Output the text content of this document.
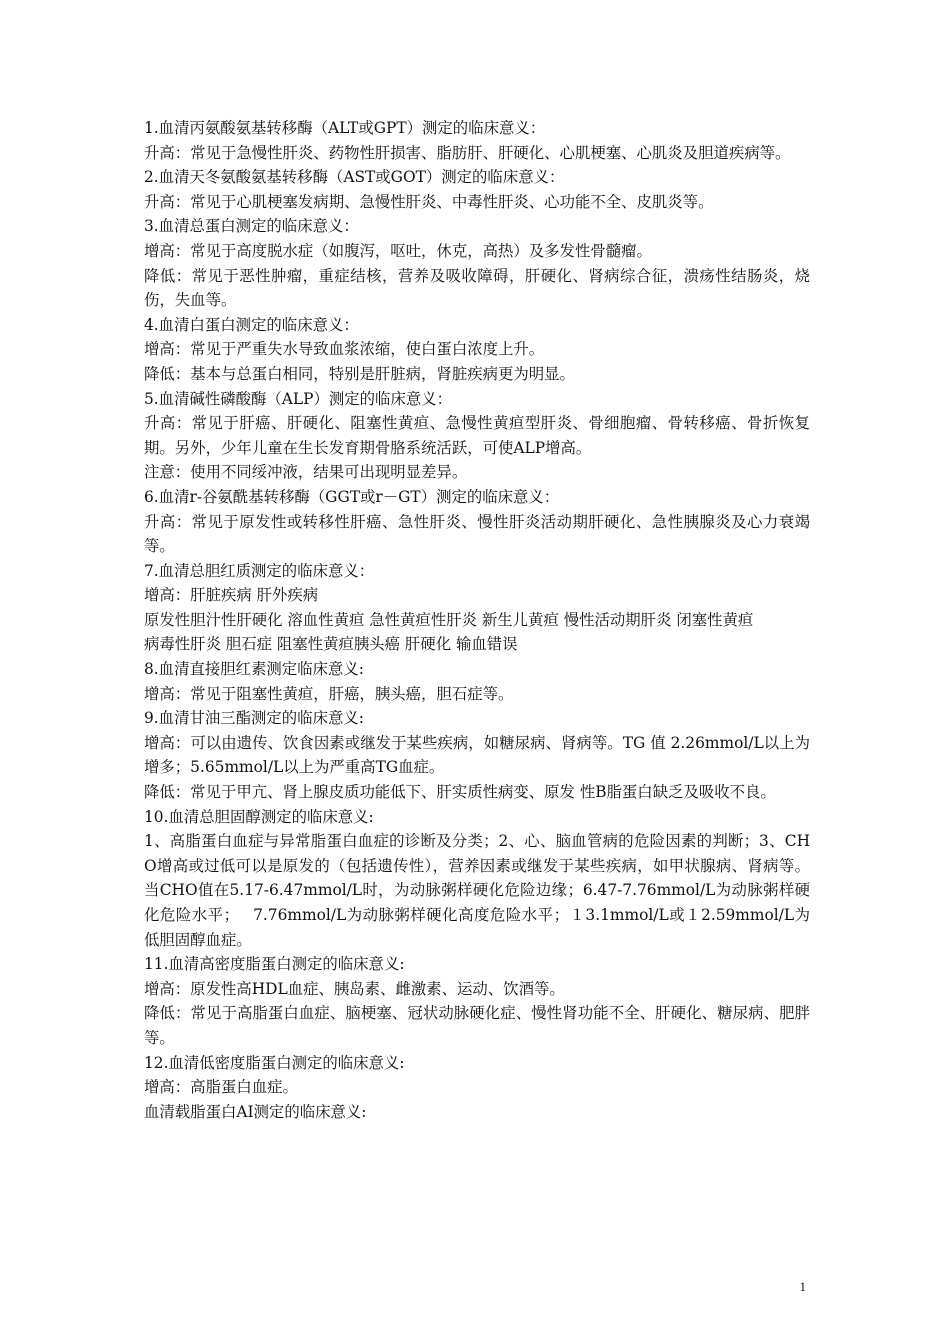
1.血清丙氨酸氨基转移酶（ALT或GPT）测定的临床意义：

升高：常见于急慢性肝炎、药物性肝损害、脂肪肝、肝硬化、心肌梗塞、心肌炎及胆道疾病等。

2.血清天冬氨酸氨基转移酶（AST或GOT）测定的临床意义：

升高：常见于心肌梗塞发病期、急慢性肝炎、中毒性肝炎、心功能不全、皮肌炎等。

3.血清总蛋白测定的临床意义：

增高：常见于高度脱水症（如腹泻，呕吐，休克，高热）及多发性骨髓瘤。

降低：常见于恶性肿瘤，重症结核，营养及吸收障碍，肝硬化、肾病综合征，溃疡性结肠炎，烧伤，失血等。

4.血清白蛋白测定的临床意义：

增高：常见于严重失水导致血浆浓缩，使白蛋白浓度上升。

降低：基本与总蛋白相同，特别是肝脏病，肾脏疾病更为明显。

5.血清碱性磷酸酶（ALP）测定的临床意义：

升高：常见于肝癌、肝硬化、阻塞性黄疸、急慢性黄疸型肝炎、骨细胞瘤、骨转移癌、骨折恢复期。另外，少年儿童在生长发育期骨胳系统活跃，可使ALP增高。

注意：使用不同绥冲液，结果可出现明显差异。

6.血清r-谷氨酰基转移酶（GGT或r－GT）测定的临床意义：

升高：常见于原发性或转移性肝癌、急性肝炎、慢性肝炎活动期肝硬化、急性胰腺炎及心力衰竭等。

7.血清总胆红质测定的临床意义：

增高：肝脏疾病 肝外疾病

原发性胆汁性肝硬化 溶血性黄疸 急性黄疸性肝炎 新生儿黄疸 慢性活动期肝炎 闭塞性黄疸

病毒性肝炎 胆石症 阻塞性黄疸胰头癌 肝硬化 输血错误

8.血清直接胆红素测定临床意义:

增高：常见于阻塞性黄疸，肝癌，胰头癌，胆石症等。

9.血清甘油三酯测定的临床意义:

增高：可以由遗传、饮食因素或继发于某些疾病，如糖尿病、肾病等。TG 值 2.26mmol/L以上为增多；5.65mmol/L以上为严重高TG血症。

降低：常见于甲亢、肾上腺皮质功能低下、肝实质性病变、原发 性B脂蛋白缺乏及吸收不良。

10.血清总胆固醇测定的临床意义:

1、高脂蛋白血症与异常脂蛋白血症的诊断及分类；2、心、脑血管病的危险因素的判断；3、CHO增高或过低可以是原发的（包括遗传性），营养因素或继发于某些疾病，如甲状腺病、肾病等。当CHO值在5.17-6.47mmol/L时，为动脉粥样硬化危险边缘；6.47-7.76mmol/L为动脉粥样硬化危险水平；　 7.76mmol/L为动脉粥样硬化高度危险水平；１3.1mmol/L或１2.59mmol/L为低胆固醇血症。

11.血清高密度脂蛋白测定的临床意义:

增高：原发性高HDL血症、胰岛素、雌激素、运动、饮酒等。

降低：常见于高脂蛋白血症、脑梗塞、冠状动脉硬化症、慢性肾功能不全、肝硬化、糖尿病、肥胖等。

12.血清低密度脂蛋白测定的临床意义:

增高：高脂蛋白血症。

血清载脂蛋白AI测定的临床意义:

1
